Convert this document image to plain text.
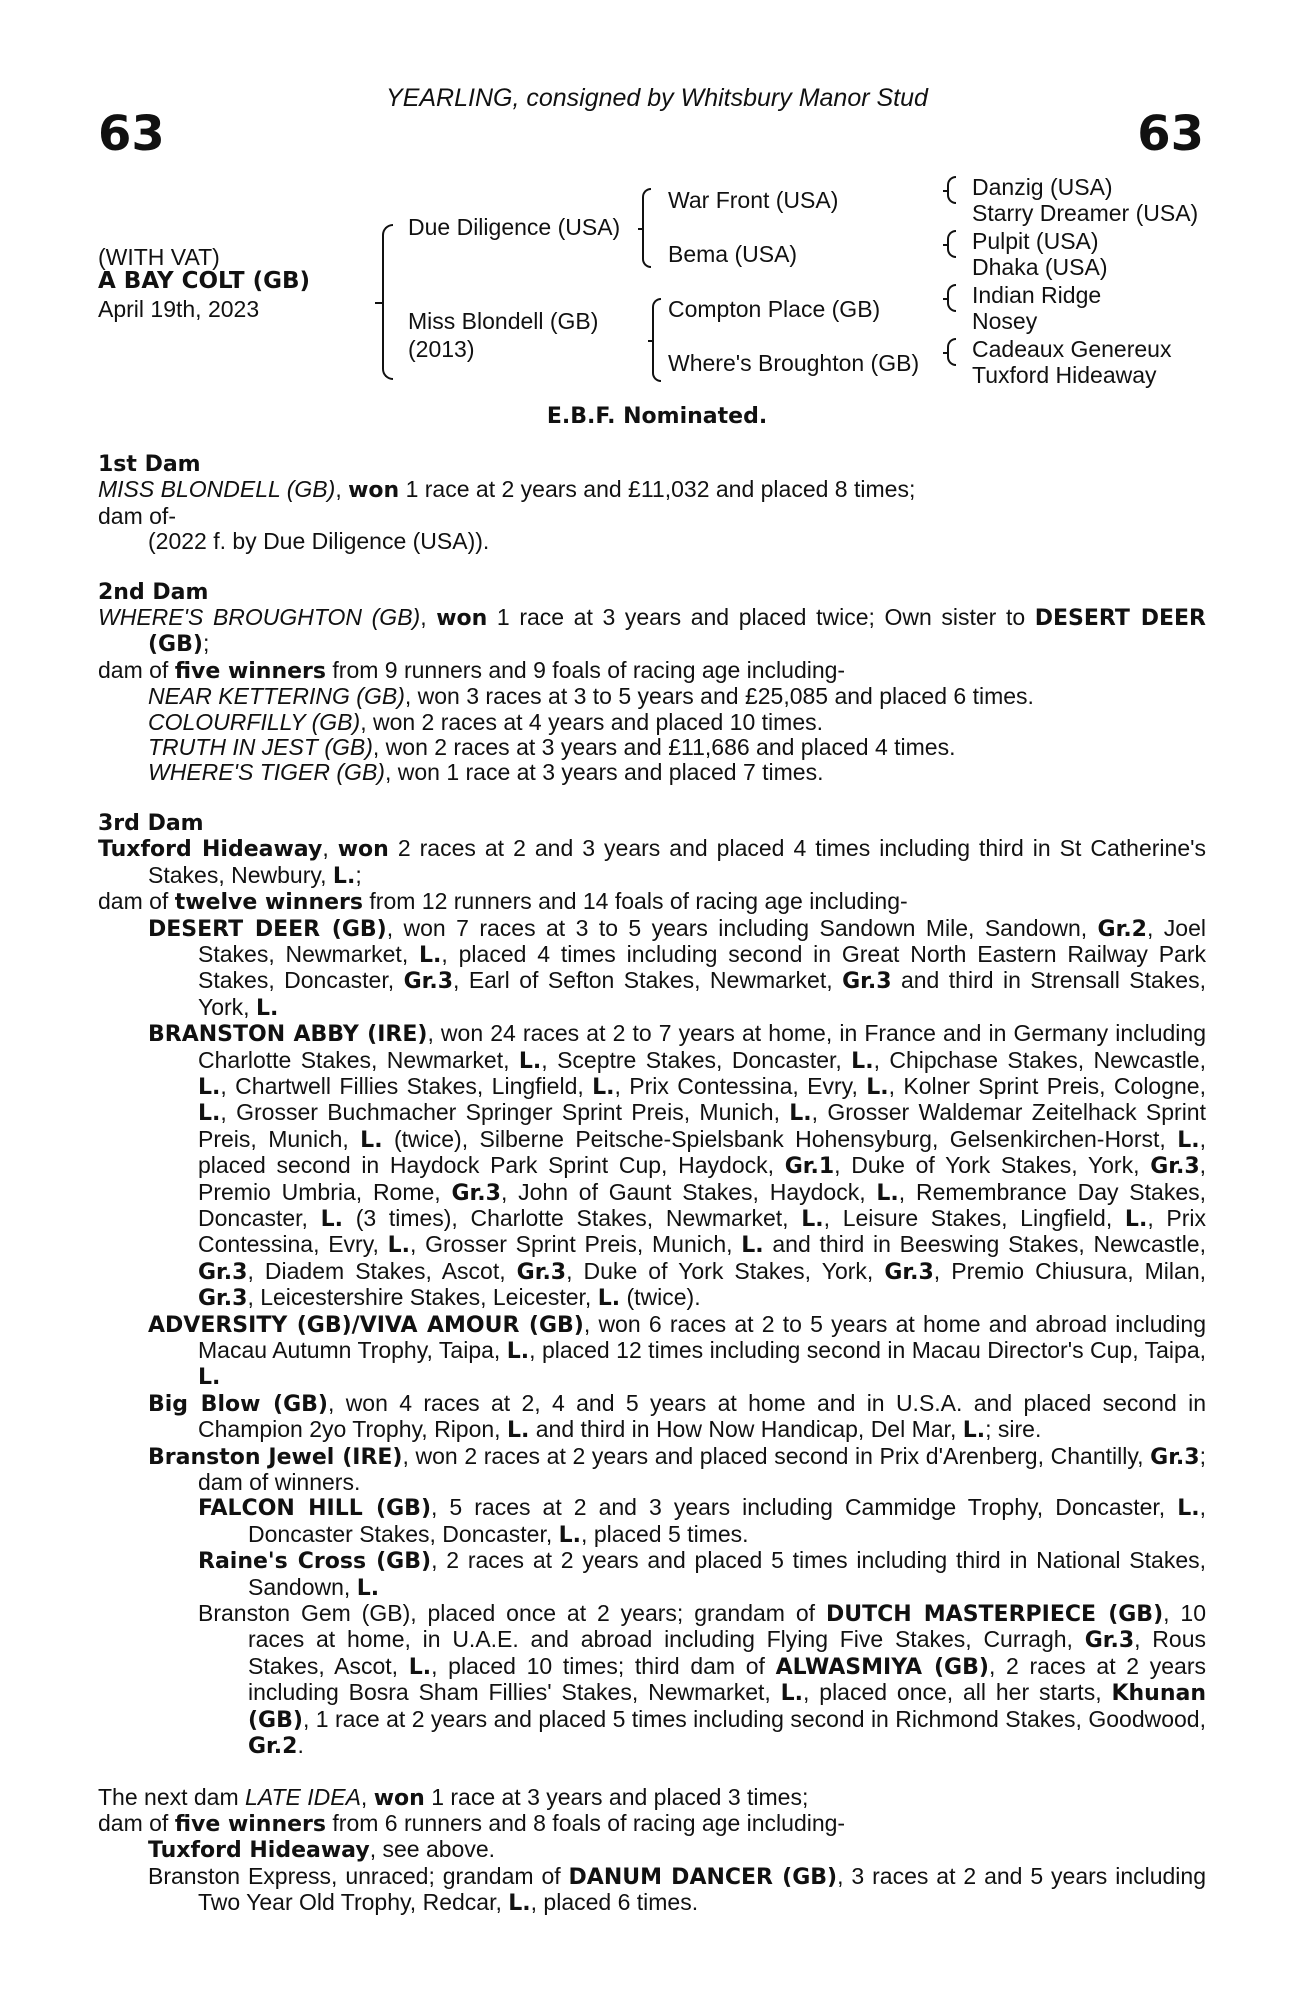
63
YEARLING, consigned by Whitsbury Manor Stud
63
(WITH VAT)
A BAY COLT (GB)
April 19th, 2023
Due Diligence (USA)
Miss Blondell (GB)
(2013)
War Front (USA)
Bema (USA)
Compton Place (GB)
Where's Broughton (GB)
Danzig (USA)
Starry Dreamer (USA)
Pulpit (USA)
Dhaka (USA)
Indian Ridge
Nosey
Cadeaux Genereux
Tuxford Hideaway
E.B.F. Nominated.
1st Dam
MISS BLONDELL (GB), won 1 race at 2 years and £11,032 and placed 8 times;
dam of-
(2022 f. by Due Diligence (USA)).
2nd Dam
WHERE'S BROUGHTON (GB), won 1 race at 3 years and placed twice; Own sister to DESERT DEER (GB);
dam of five winners from 9 runners and 9 foals of racing age including-
NEAR KETTERING (GB), won 3 races at 3 to 5 years and £25,085 and placed 6 times.
COLOURFILLY (GB), won 2 races at 4 years and placed 10 times.
TRUTH IN JEST (GB), won 2 races at 3 years and £11,686 and placed 4 times.
WHERE'S TIGER (GB), won 1 race at 3 years and placed 7 times.
3rd Dam
Tuxford Hideaway, won 2 races at 2 and 3 years and placed 4 times including third in St Catherine's Stakes, Newbury, L.;
dam of twelve winners from 12 runners and 14 foals of racing age including-
DESERT DEER (GB), won 7 races at 3 to 5 years including Sandown Mile, Sandown, Gr.2, Joel Stakes, Newmarket, L., placed 4 times including second in Great North Eastern Railway Park Stakes, Doncaster, Gr.3, Earl of Sefton Stakes, Newmarket, Gr.3 and third in Strensall Stakes, York, L.
BRANSTON ABBY (IRE), won 24 races at 2 to 7 years at home, in France and in Germany including Charlotte Stakes, Newmarket, L., Sceptre Stakes, Doncaster, L., Chipchase Stakes, Newcastle, L., Chartwell Fillies Stakes, Lingfield, L., Prix Contessina, Evry, L., Kolner Sprint Preis, Cologne, L., Grosser Buchmacher Springer Sprint Preis, Munich, L., Grosser Waldemar Zeitelhack Sprint Preis, Munich, L. (twice), Silberne Peitsche-Spielsbank Hohensyburg, Gelsenkirchen-Horst, L., placed second in Haydock Park Sprint Cup, Haydock, Gr.1, Duke of York Stakes, York, Gr.3, Premio Umbria, Rome, Gr.3, John of Gaunt Stakes, Haydock, L., Remembrance Day Stakes, Doncaster, L. (3 times), Charlotte Stakes, Newmarket, L., Leisure Stakes, Lingfield, L., Prix Contessina, Evry, L., Grosser Sprint Preis, Munich, L. and third in Beeswing Stakes, Newcastle, Gr.3, Diadem Stakes, Ascot, Gr.3, Duke of York Stakes, York, Gr.3, Premio Chiusura, Milan, Gr.3, Leicestershire Stakes, Leicester, L. (twice).
ADVERSITY (GB)/VIVA AMOUR (GB), won 6 races at 2 to 5 years at home and abroad including Macau Autumn Trophy, Taipa, L., placed 12 times including second in Macau Director's Cup, Taipa, L.
Big Blow (GB), won 4 races at 2, 4 and 5 years at home and in U.S.A. and placed second in Champion 2yo Trophy, Ripon, L. and third in How Now Handicap, Del Mar, L.; sire.
Branston Jewel (IRE), won 2 races at 2 years and placed second in Prix d'Arenberg, Chantilly, Gr.3; dam of winners.
FALCON HILL (GB), 5 races at 2 and 3 years including Cammidge Trophy, Doncaster, L., Doncaster Stakes, Doncaster, L., placed 5 times.
Raine's Cross (GB), 2 races at 2 years and placed 5 times including third in National Stakes, Sandown, L.
Branston Gem (GB), placed once at 2 years; grandam of DUTCH MASTERPIECE (GB), 10 races at home, in U.A.E. and abroad including Flying Five Stakes, Curragh, Gr.3, Rous Stakes, Ascot, L., placed 10 times; third dam of ALWASMIYA (GB), 2 races at 2 years including Bosra Sham Fillies' Stakes, Newmarket, L., placed once, all her starts, Khunan (GB), 1 race at 2 years and placed 5 times including second in Richmond Stakes, Goodwood, Gr.2.
The next dam LATE IDEA, won 1 race at 3 years and placed 3 times;
dam of five winners from 6 runners and 8 foals of racing age including-
Tuxford Hideaway, see above.
Branston Express, unraced; grandam of DANUM DANCER (GB), 3 races at 2 and 5 years including Two Year Old Trophy, Redcar, L., placed 6 times.
